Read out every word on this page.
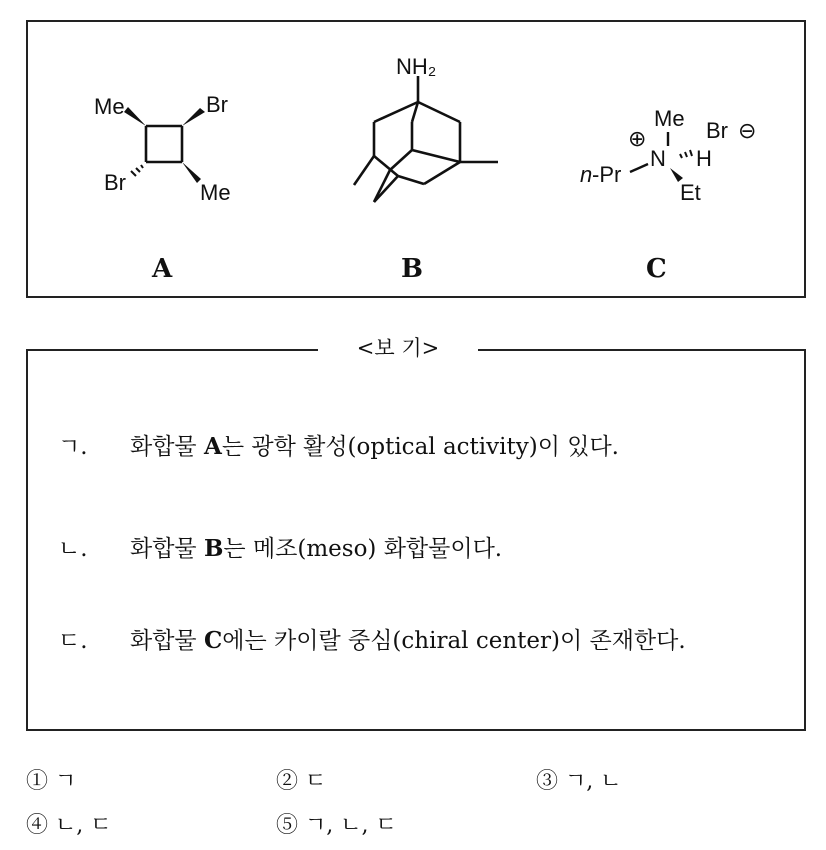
Me	Br
Br	Me
NH₂
Me
⊕
N H
Et
Br ⊖
n -Pr
A	B	C
<보 기>
ㄱ. 화합물 A는 광학 활성(optical activity)이 있다.
ㄴ. 화합물 B는 메조(meso) 화합물이다.
ㄷ. 화합물 C에는 카이랄 중심(chiral center)이 존재한다.
① ㄱ	② ㄷ	③ ㄱ, ㄴ
④ ㄴ, ㄷ	⑤ ㄱ, ㄴ, ㄷ
